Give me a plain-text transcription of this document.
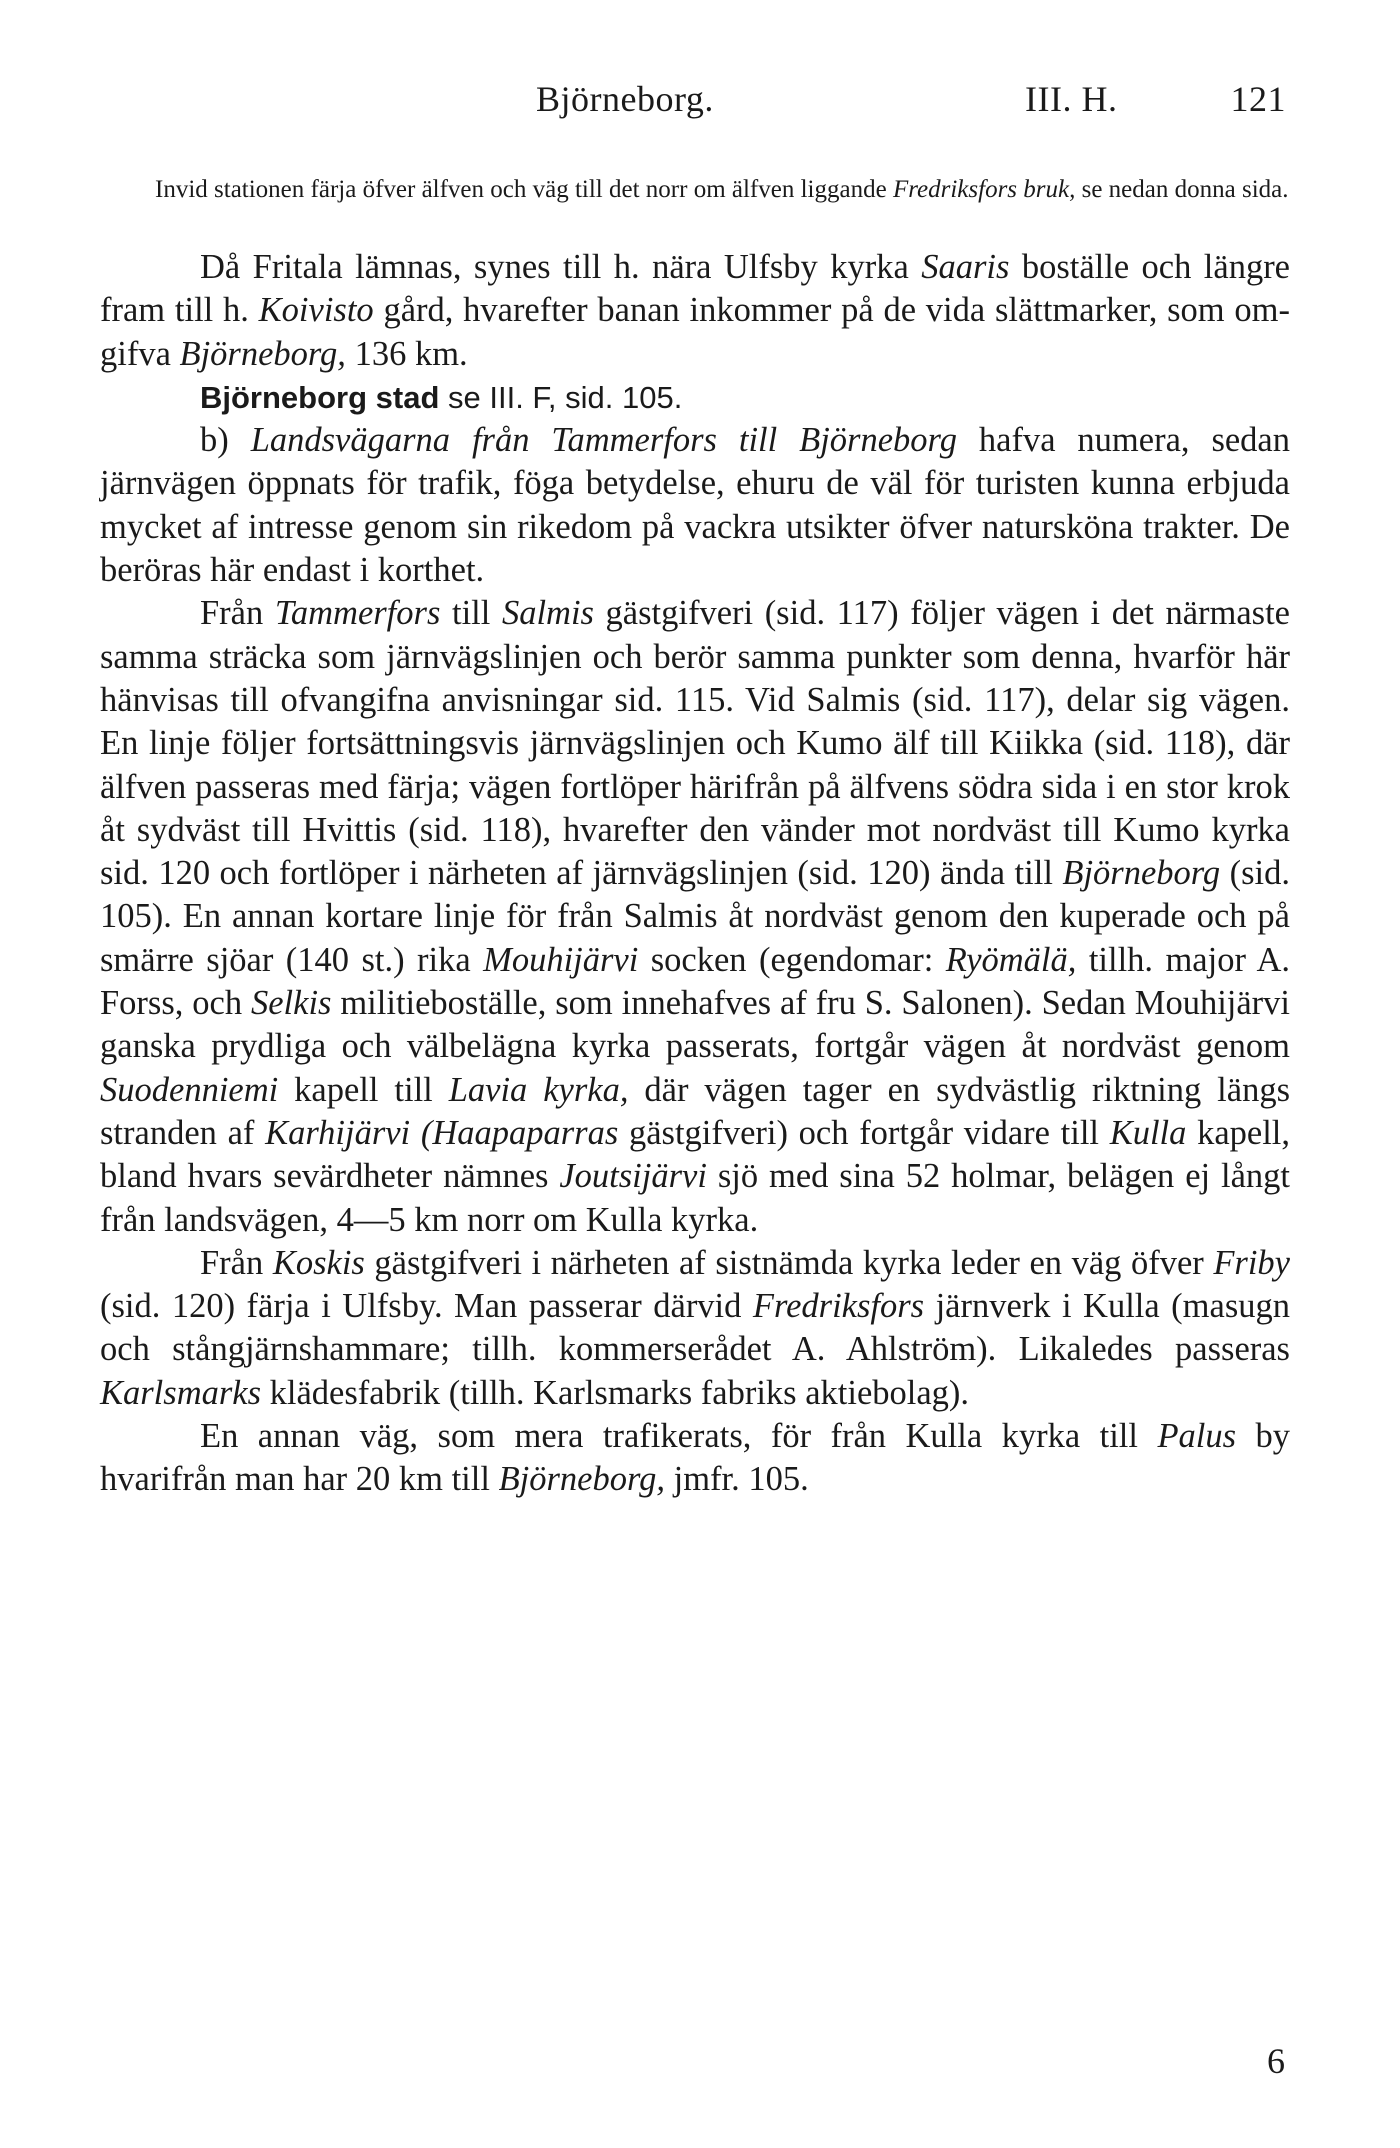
Björneborg.	III. H.	121

Invid stationen färja öfver älfven och väg till det norr om älfven liggande Fredriksfors bruk, se nedan donna sida.

Då Fritala lämnas, synes till h. nära Ulfsby kyrka Saaris boställe och längre fram till h. Koivisto gård, hvarefter banan inkommer på de vida slättmarker, som omgifva Björneborg, 136 km.

Björneborg stad se III. F, sid. 105.

b) Landsvägarna från Tammerfors till Björneborg hafva numera, sedan järnvägen öppnats för trafik, föga betydelse, ehuru de väl för turisten kunna erbjuda mycket af intresse genom sin rikedom på vackra utsikter öfver natursköna trakter. De beröras här endast i korthet.

Från Tammerfors till Salmis gästgifveri (sid. 117) följer vägen i det närmaste samma sträcka som järnvägslinjen och berör samma punkter som denna, hvarför här hänvisas till ofvangifna anvisningar sid. 115. Vid Salmis (sid. 117), delar sig vägen. En linje följer fortsättningsvis järnvägslinjen och Kumo älf till Kiikka (sid. 118), där älfven passeras med färja; vägen fortlöper härifrån på älfvens södra sida i en stor krok åt sydväst till Hvittis (sid. 118), hvarefter den vänder mot nordväst till Kumo kyrka sid. 120 och fortlöper i närheten af järnvägslinjen (sid. 120) ända till Björneborg (sid. 105). En annan kortare linje för från Salmis åt nordväst genom den kuperade och på smärre sjöar (140 st.) rika Mouhijärvi socken (egendomar: Ryömälä, tillh. major A. Forss, och Selkis militieboställe, som innehafves af fru S. Salonen). Sedan Mouhijärvi ganska prydliga och välbelägna kyrka passerats, fortgår vägen åt nordväst genom Suodenniemi kapell till Lavia kyrka, där vägen tager en sydvästlig riktning längs stranden af Karhijärvi (Haapaparras gästgifveri) och fortgår vidare till Kulla kapell, bland hvars sevärdheter nämnes Joutsijärvi sjö med sina 52 holmar, belägen ej långt från landsvägen, 4—5 km norr om Kulla kyrka.

Från Koskis gästgifveri i närheten af sistnämda kyrka leder en väg öfver Friby (sid. 120) färja i Ulfsby. Man passerar därvid Fredriksfors järnverk i Kulla (masugn och stångjärnshammare; tillh. kommerserådet A. Ahlström). Likaledes passeras Karlsmarks klädesfabrik (tillh. Karlsmarks fabriks aktiebolag).

En annan väg, som mera trafikerats, för från Kulla kyrka till Palus by hvarifrån man har 20 km till Björneborg, jmfr. 105.

6
